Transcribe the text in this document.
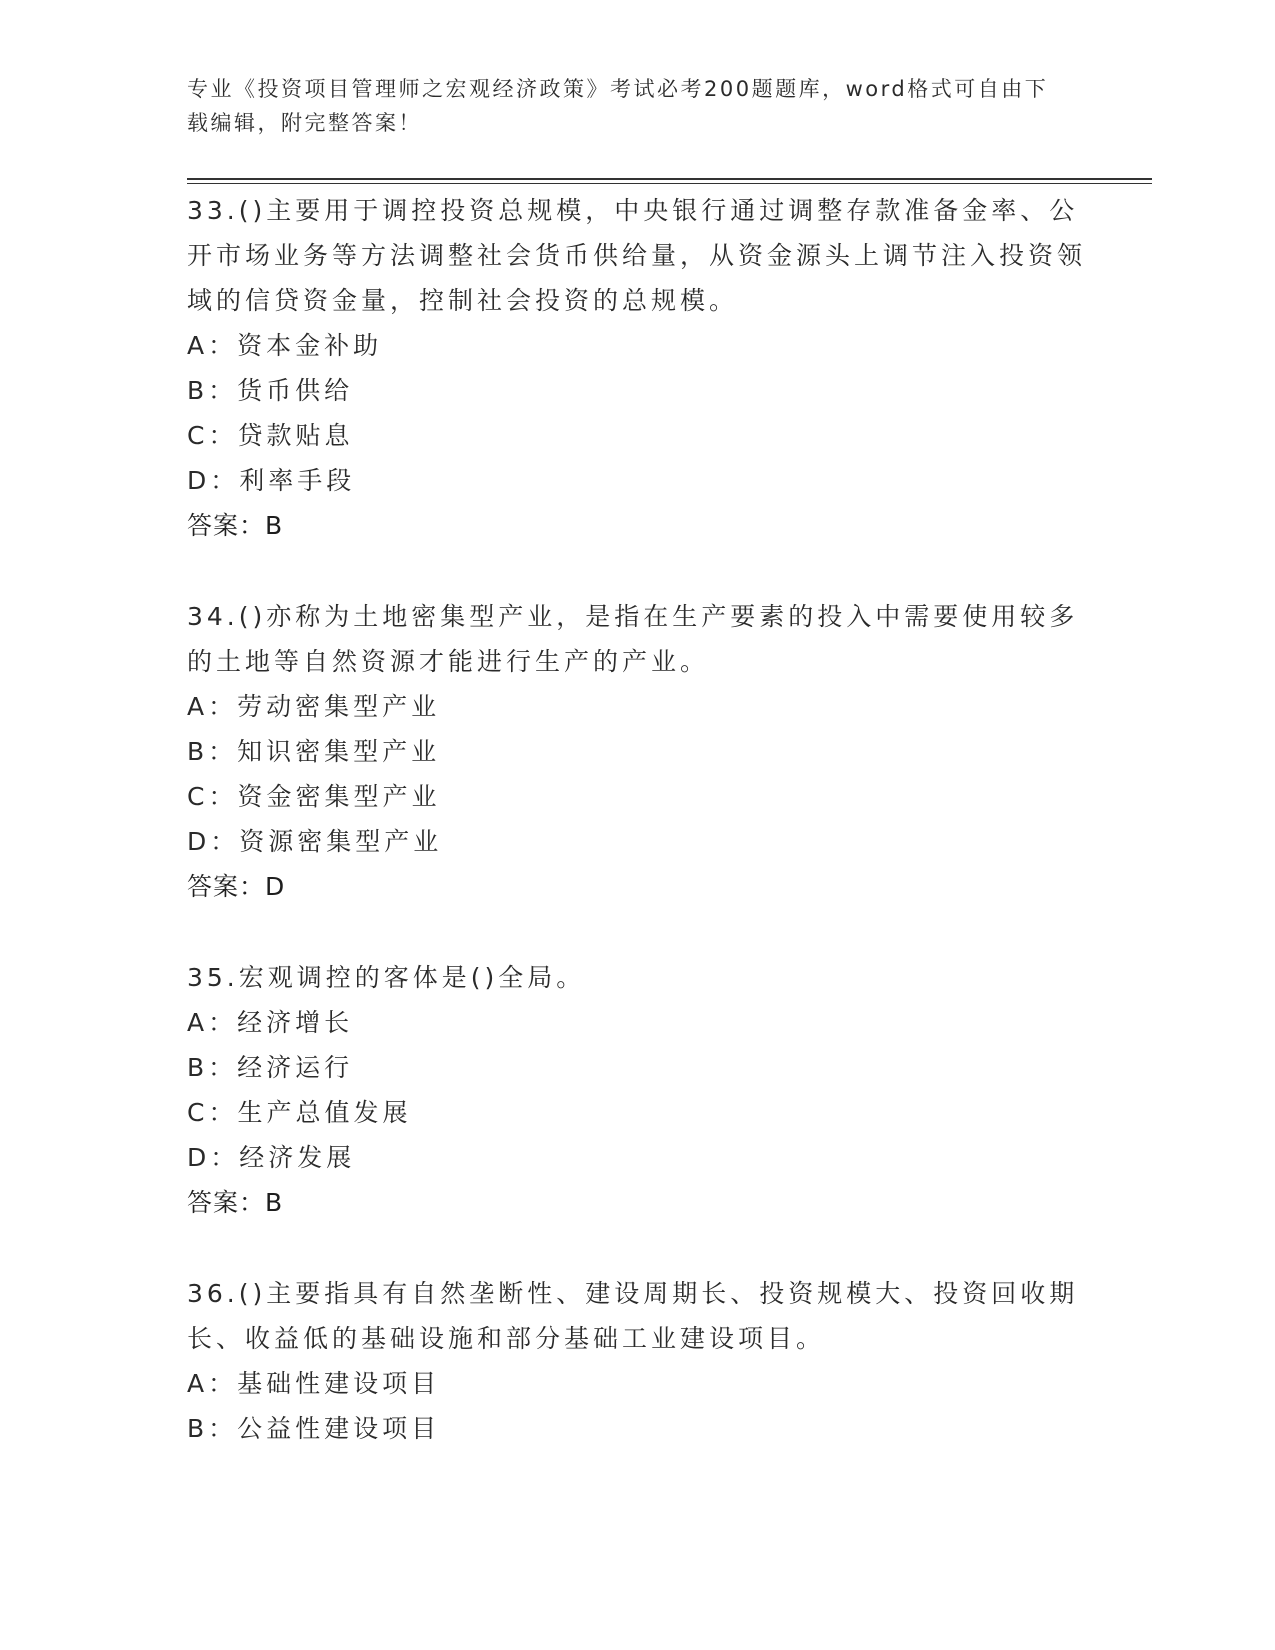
专业《投资项目管理师之宏观经济政策》考试必考200题题库，word格式可自由下载编辑，附完整答案！
33.()主要用于调控投资总规模，中央银行通过调整存款准备金率、公开市场业务等方法调整社会货币供给量，从资金源头上调节注入投资领域的信贷资金量，控制社会投资的总规模。
A：资本金补助
B：货币供给
C：贷款贴息
D：利率手段
答案：B
34.()亦称为土地密集型产业，是指在生产要素的投入中需要使用较多的土地等自然资源才能进行生产的产业。
A：劳动密集型产业
B：知识密集型产业
C：资金密集型产业
D：资源密集型产业
答案：D
35.宏观调控的客体是()全局。
A：经济增长
B：经济运行
C：生产总值发展
D：经济发展
答案：B
36.()主要指具有自然垄断性、建设周期长、投资规模大、投资回收期长、收益低的基础设施和部分基础工业建设项目。
A：基础性建设项目
B：公益性建设项目
